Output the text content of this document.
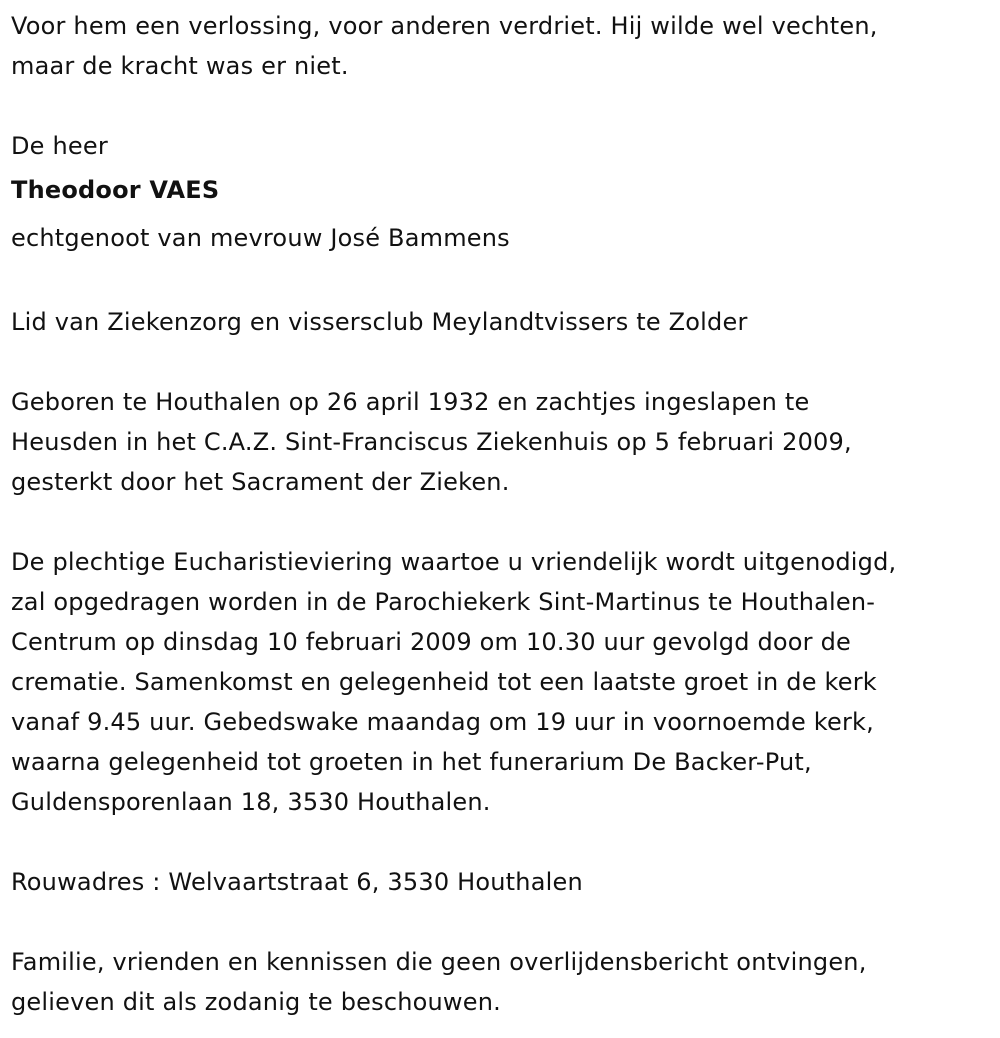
Voor hem een verlossing, voor anderen verdriet. Hij wilde wel vechten,
maar de kracht was er niet.
De heer
Theodoor VAES
echtgenoot van mevrouw José Bammens
Lid van Ziekenzorg en vissersclub Meylandtvissers te Zolder
Geboren te Houthalen op 26 april 1932 en zachtjes ingeslapen te
Heusden in het C.A.Z. Sint-Franciscus Ziekenhuis op 5 februari 2009,
gesterkt door het Sacrament der Zieken.
De plechtige Eucharistieviering waartoe u vriendelijk wordt uitgenodigd,
zal opgedragen worden in de Parochiekerk Sint-Martinus te Houthalen-
Centrum op dinsdag 10 februari 2009 om 10.30 uur gevolgd door de
crematie. Samenkomst en gelegenheid tot een laatste groet in de kerk
vanaf 9.45 uur. Gebedswake maandag om 19 uur in voornoemde kerk,
waarna gelegenheid tot groeten in het funerarium De Backer-Put,
Guldensporenlaan 18, 3530 Houthalen.
Rouwadres : Welvaartstraat 6, 3530 Houthalen
Familie, vrienden en kennissen die geen overlijdensbericht ontvingen,
gelieven dit als zodanig te beschouwen.
